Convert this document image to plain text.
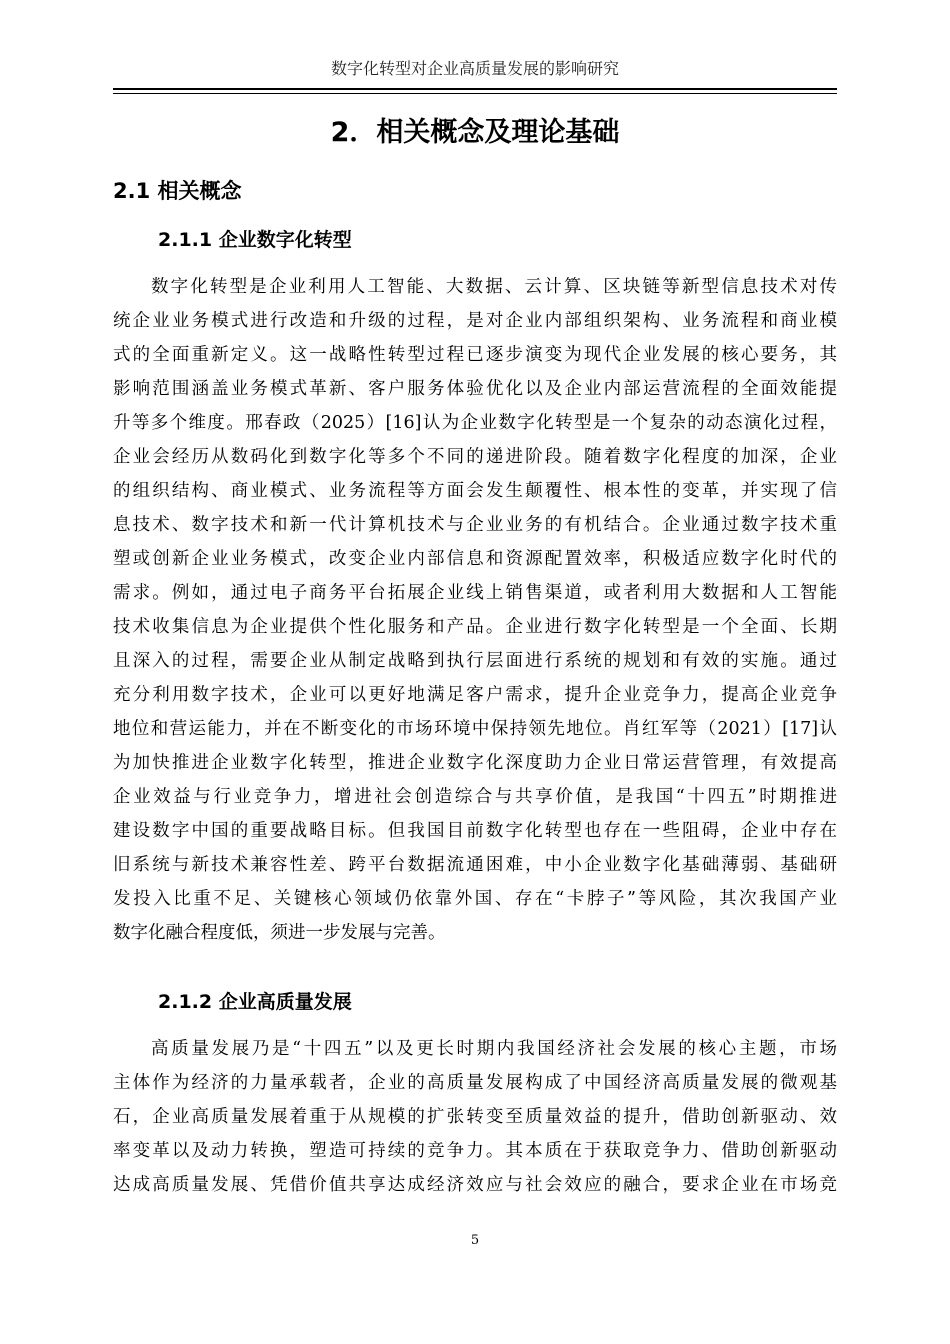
数字化转型对企业高质量发展的影响研究
2．相关概念及理论基础
2.1 相关概念
2.1.1 企业数字化转型
数字化转型是企业利用人工智能、大数据、云计算、区块链等新型信息技术对传
统企业业务模式进行改造和升级的过程，是对企业内部组织架构、业务流程和商业模
式的全面重新定义。这一战略性转型过程已逐步演变为现代企业发展的核心要务，其
影响范围涵盖业务模式革新、客户服务体验优化以及企业内部运营流程的全面效能提
升等多个维度。邢春政（2025）[16]认为企业数字化转型是一个复杂的动态演化过程，
企业会经历从数码化到数字化等多个不同的递进阶段。随着数字化程度的加深，企业
的组织结构、商业模式、业务流程等方面会发生颠覆性、根本性的变革，并实现了信
息技术、数字技术和新一代计算机技术与企业业务的有机结合。企业通过数字技术重
塑或创新企业业务模式，改变企业内部信息和资源配置效率，积极适应数字化时代的
需求。例如，通过电子商务平台拓展企业线上销售渠道，或者利用大数据和人工智能
技术收集信息为企业提供个性化服务和产品。企业进行数字化转型是一个全面、长期
且深入的过程，需要企业从制定战略到执行层面进行系统的规划和有效的实施。通过
充分利用数字技术，企业可以更好地满足客户需求，提升企业竞争力，提高企业竞争
地位和营运能力，并在不断变化的市场环境中保持领先地位。肖红军等（2021）[17]认
为加快推进企业数字化转型，推进企业数字化深度助力企业日常运营管理，有效提高
企业效益与行业竞争力，增进社会创造综合与共享价值，是我国“十四五”时期推进
建设数字中国的重要战略目标。但我国目前数字化转型也存在一些阻碍，企业中存在
旧系统与新技术兼容性差、跨平台数据流通困难，中小企业数字化基础薄弱、基础研
发投入比重不足、关键核心领域仍依靠外国、存在“卡脖子”等风险，其次我国产业
数字化融合程度低，须进一步发展与完善。
2.1.2 企业高质量发展
高质量发展乃是“十四五”以及更长时期内我国经济社会发展的核心主题，市场
主体作为经济的力量承载者，企业的高质量发展构成了中国经济高质量发展的微观基
石，企业高质量发展着重于从规模的扩张转变至质量效益的提升，借助创新驱动、效
率变革以及动力转换，塑造可持续的竞争力。其本质在于获取竞争力、借助创新驱动
达成高质量发展、凭借价值共享达成经济效应与社会效应的融合，要求企业在市场竞
5
